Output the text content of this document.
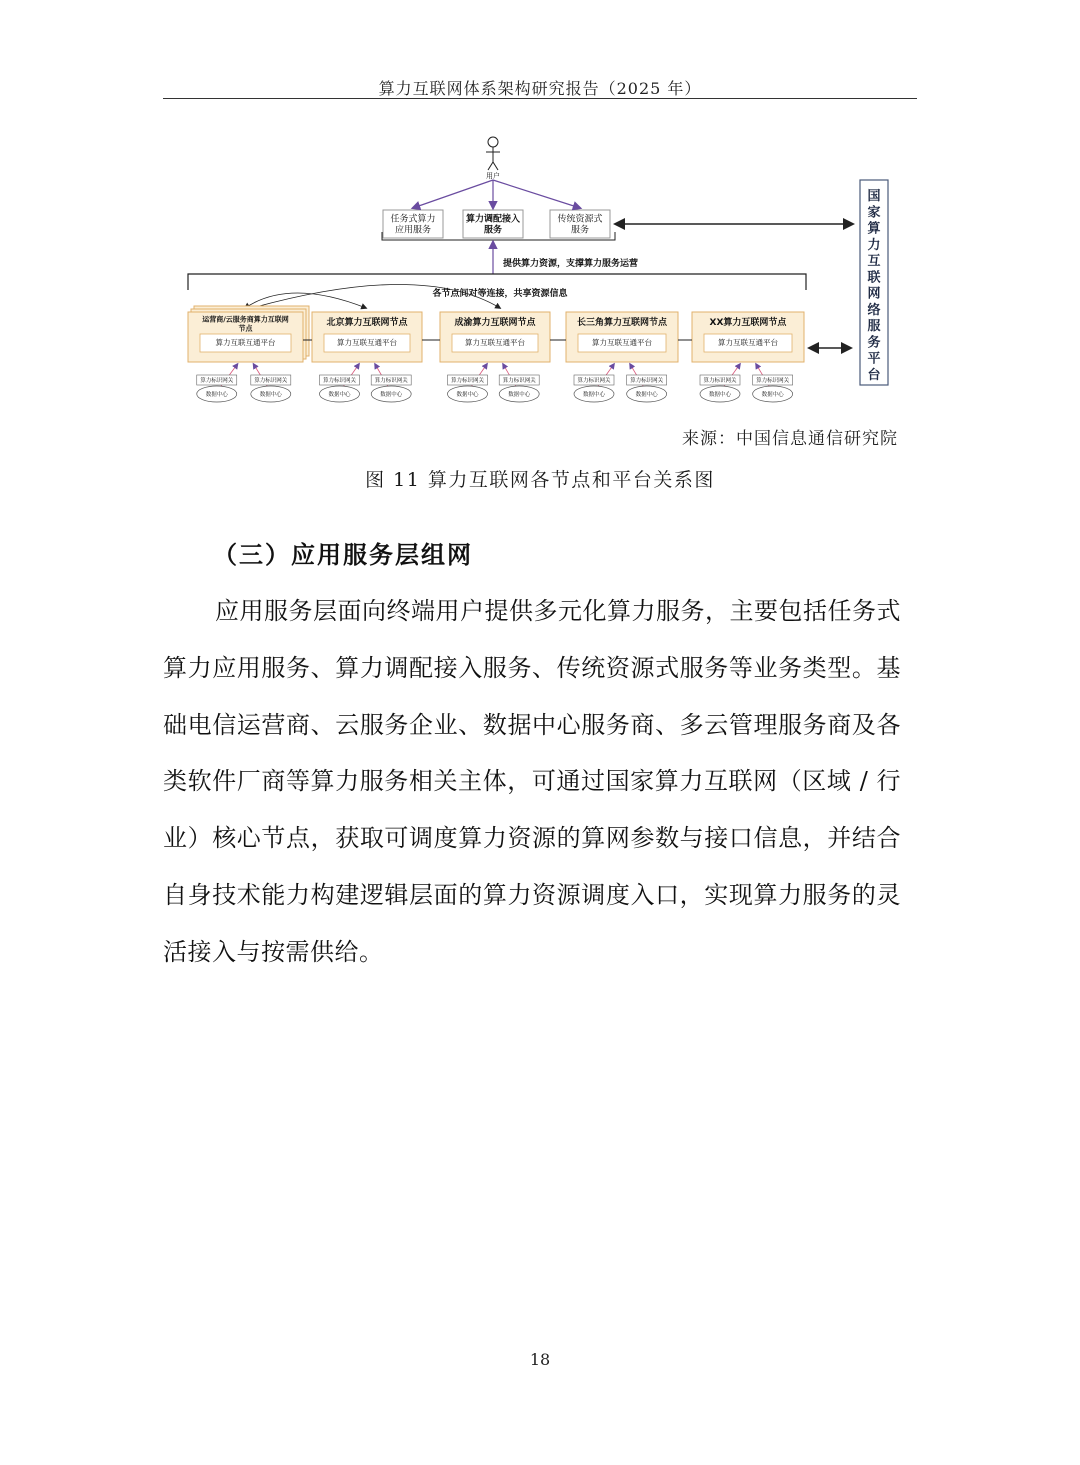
算力互联网体系架构研究报告（2025 年）
用户
任务式算力应用服务
算力调配接入服务
传统资源式服务
提供算力资源，支撑算力服务运营
各节点间对等连接，共享资源信息
运营商/云服务商算力互联网节点
算力互联互通平台
算力标识网关
数据中心
算力标识网关
数据中心
北京算力互联网节点
算力互联互通平台
算力标识网关
数据中心
算力标识网关
数据中心
成渝算力互联网节点
算力互联互通平台
算力标识网关
数据中心
算力标识网关
数据中心
长三角算力互联网节点
算力互联互通平台
算力标识网关
数据中心
算力标识网关
数据中心
XX算力互联网节点
算力互联互通平台
算力标识网关
数据中心
算力标识网关
数据中心
国家算力互联网络服务平台
来源：中国信息通信研究院
图 11 算力互联网各节点和平台关系图
（三）应用服务层组网

应用服务层面向终端用户提供多元化算力服务，主要包括任务式算力应用服务、算力调配接入服务、传统资源式服务等业务类型。基础电信运营商、云服务企业、数据中心服务商、多云管理服务商及各类软件厂商等算力服务相关主体，可通过国家算力互联网（区域 / 行业）核心节点，获取可调度算力资源的算网参数与接口信息，并结合自身技术能力构建逻辑层面的算力资源调度入口，实现算力服务的灵活接入与按需供给。

18
